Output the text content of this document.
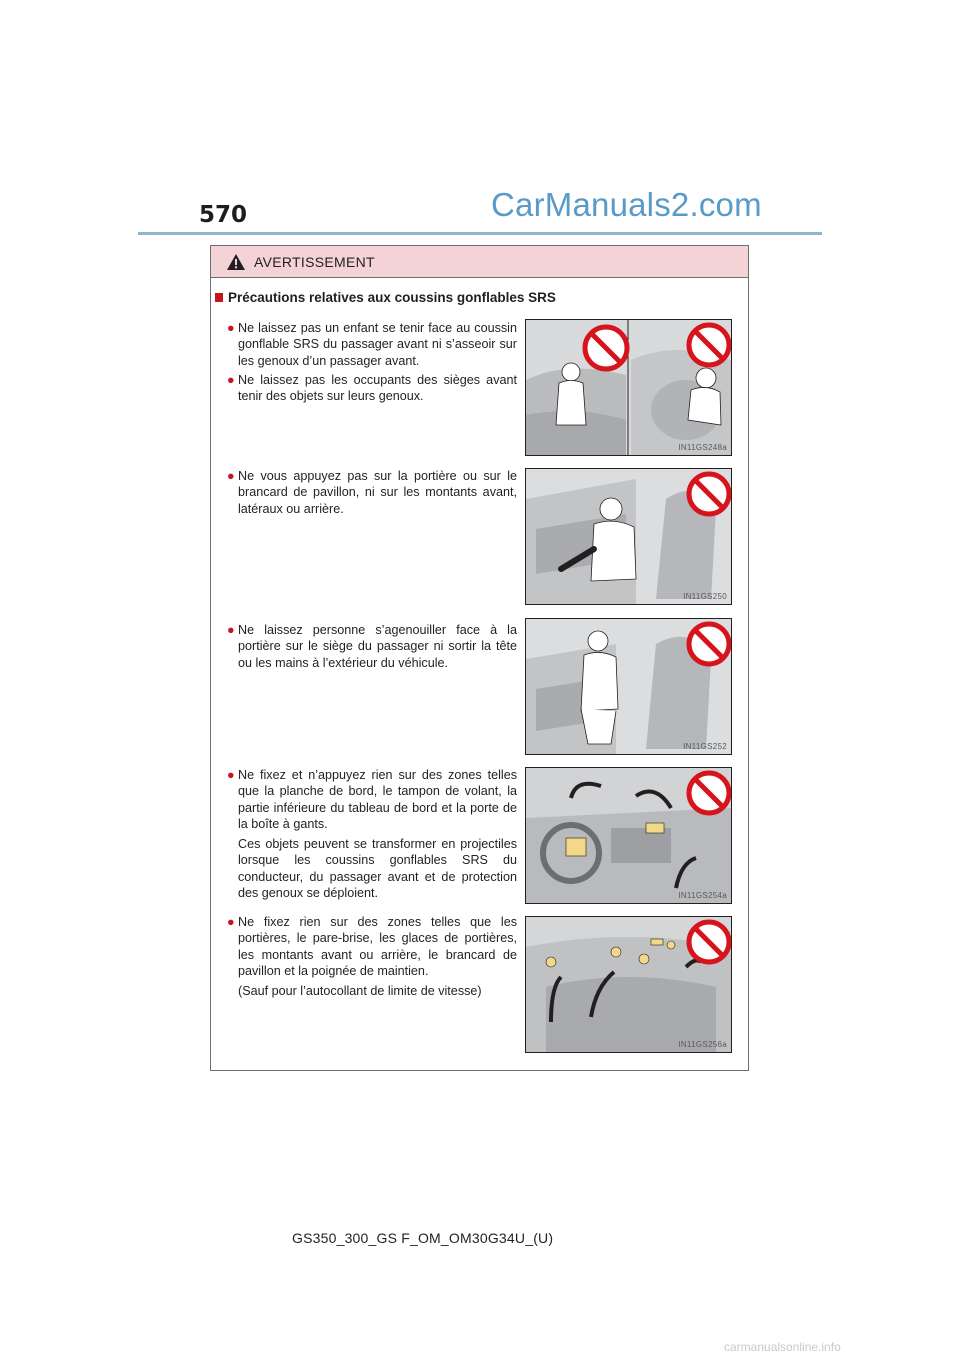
570	CarManuals2.com
AVERTISSEMENT
Précautions relatives aux coussins gonflables SRS
● Ne laissez pas un enfant se tenir face au coussin gonflable SRS du passager avant ni s’asseoir sur les genoux d’un passager avant.

● Ne laissez pas les occupants des sièges avant tenir des objets sur leurs genoux.

● Ne vous appuyez pas sur la portière ou sur le brancard de pavillon, ni sur les montants avant, latéraux ou arrière.

● Ne laissez personne s’agenouiller face à la portière sur le siège du passager ni sortir la tête ou les mains à l’extérieur du véhicule.

● Ne fixez et n’appuyez rien sur des zones telles que la planche de bord, le tampon de volant, la partie inférieure du tableau de bord et la porte de la boîte à gants.

Ces objets peuvent se transformer en projectiles lorsque les coussins gonflables SRS du conducteur, du passager avant et de protection des genoux se déploient.

● Ne fixez rien sur des zones telles que les portières, le pare-brise, les glaces de portières, les montants avant ou arrière, le brancard de pavillon et la poignée de maintien.

(Sauf pour l’autocollant de limite de vitesse)

IN11GS248a
IN11GS250
IN11GS252
IN11GS254a
IN11GS256a
GS350_300_GS F_OM_OM30G34U_(U)
carmanualsonline.info
